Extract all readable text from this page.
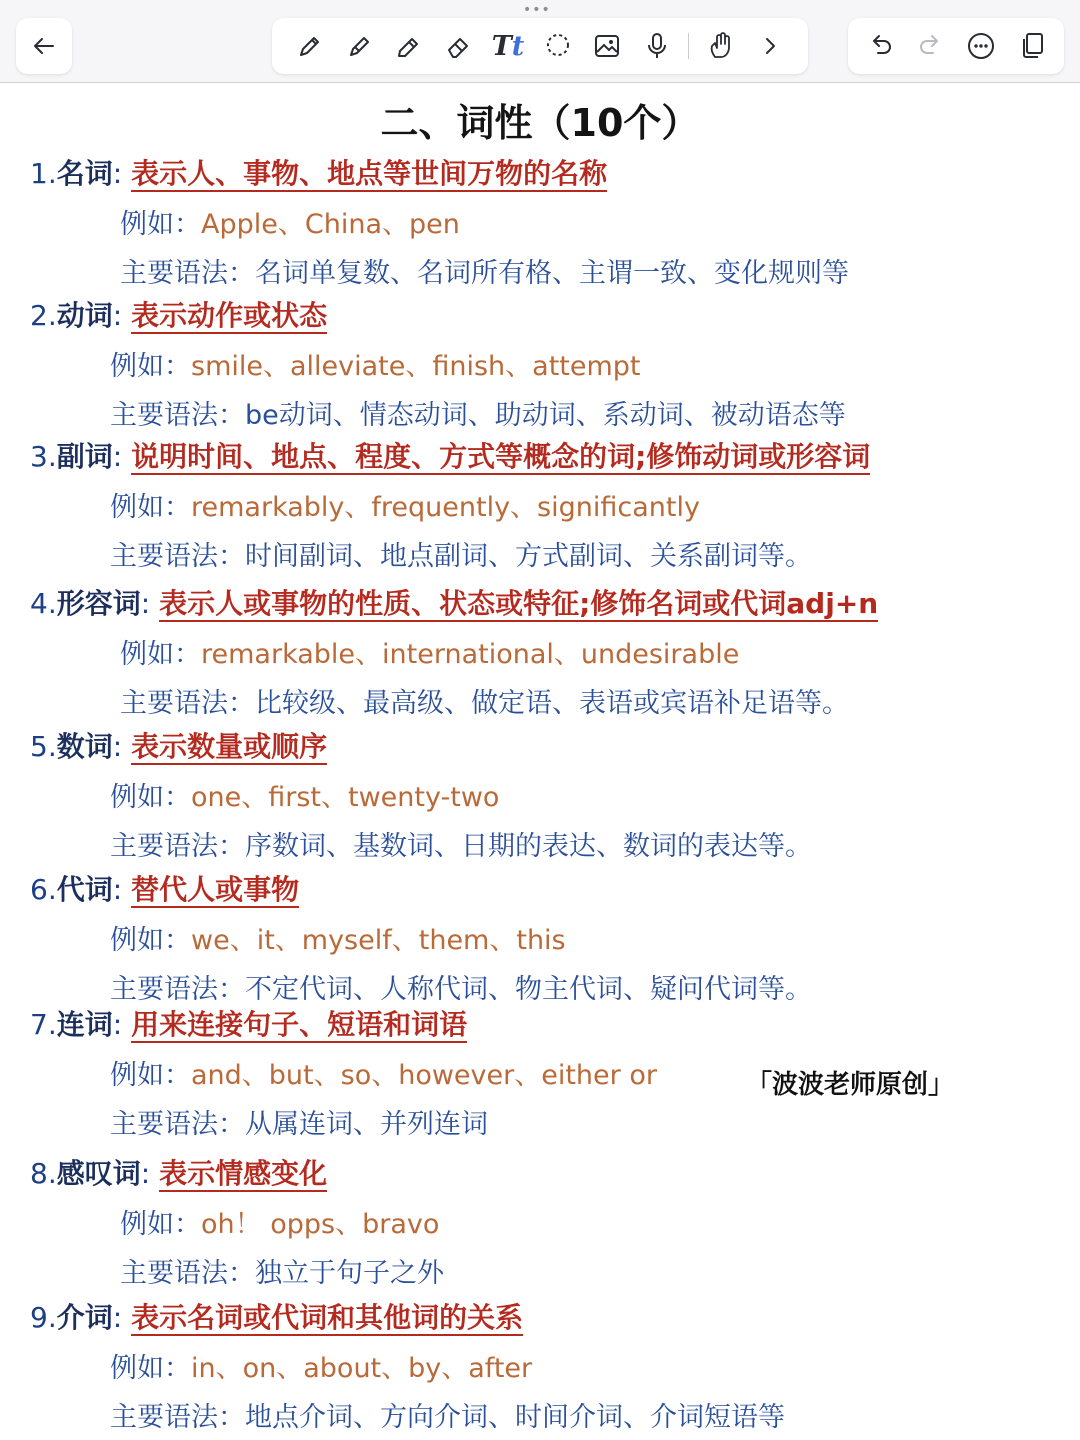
•••
Tt
二、词性（10个）
1.名词: 表示人、事物、地点等世间万物的名称
例如：Apple、China、pen
主要语法：名词单复数、名词所有格、主谓一致、变化规则等
2.动词: 表示动作或状态
例如：smile、alleviate、finish、attempt
主要语法：be动词、情态动词、助动词、系动词、被动语态等
3.副词: 说明时间、地点、程度、方式等概念的词;修饰动词或形容词
例如：remarkably、frequently、significantly
主要语法：时间副词、地点副词、方式副词、关系副词等。
4.形容词: 表示人或事物的性质、状态或特征;修饰名词或代词adj+n
例如：remarkable、international、undesirable
主要语法：比较级、最高级、做定语、表语或宾语补足语等。
5.数词: 表示数量或顺序
例如：one、first、twenty-two
主要语法：序数词、基数词、日期的表达、数词的表达等。
6.代词: 替代人或事物
例如：we、it、myself、them、this
主要语法：不定代词、人称代词、物主代词、疑问代词等。
7.连词: 用来连接句子、短语和词语
例如：and、but、so、however、either or
主要语法：从属连词、并列连词
「波波老师原创」
8.感叹词: 表示情感变化
例如：oh！ opps、bravo
主要语法：独立于句子之外
9.介词: 表示名词或代词和其他词的关系
例如：in、on、about、by、after
主要语法：地点介词、方向介词、时间介词、介词短语等
